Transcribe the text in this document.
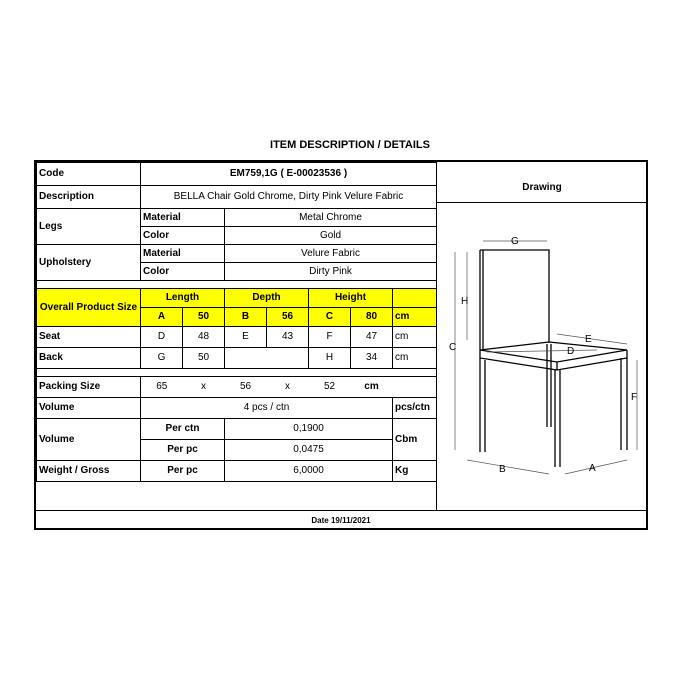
ITEM DESCRIPTION / DETAILS
Code	EM759,1G ( E-00023536 )						
Description	BELLA Chair Gold Chrome, Dirty Pink Velure Fabric						
Legs	Material		Metal Chrome				
	Color		Gold				
Upholstery	Material		Velure Fabric				
	Color		Dirty Pink				

Overall Product Size	Length		Depth		Height		
	A	50	B	56	C	80	cm
Seat	D	48	E	43	F	47	cm
Back	G	50			H	34	cm

Packing Size	65	x	56	x	52	cm	
Volume	4 pcs / ctn						pcs/ctn
Volume	Per ctn		0,1900				Cbm
	Per pc		0,0475				
Weight / Gross	Per pc		6,0000				Kg
Drawing
G
H
C
E
D
F
B	A
Date 19/11/2021
